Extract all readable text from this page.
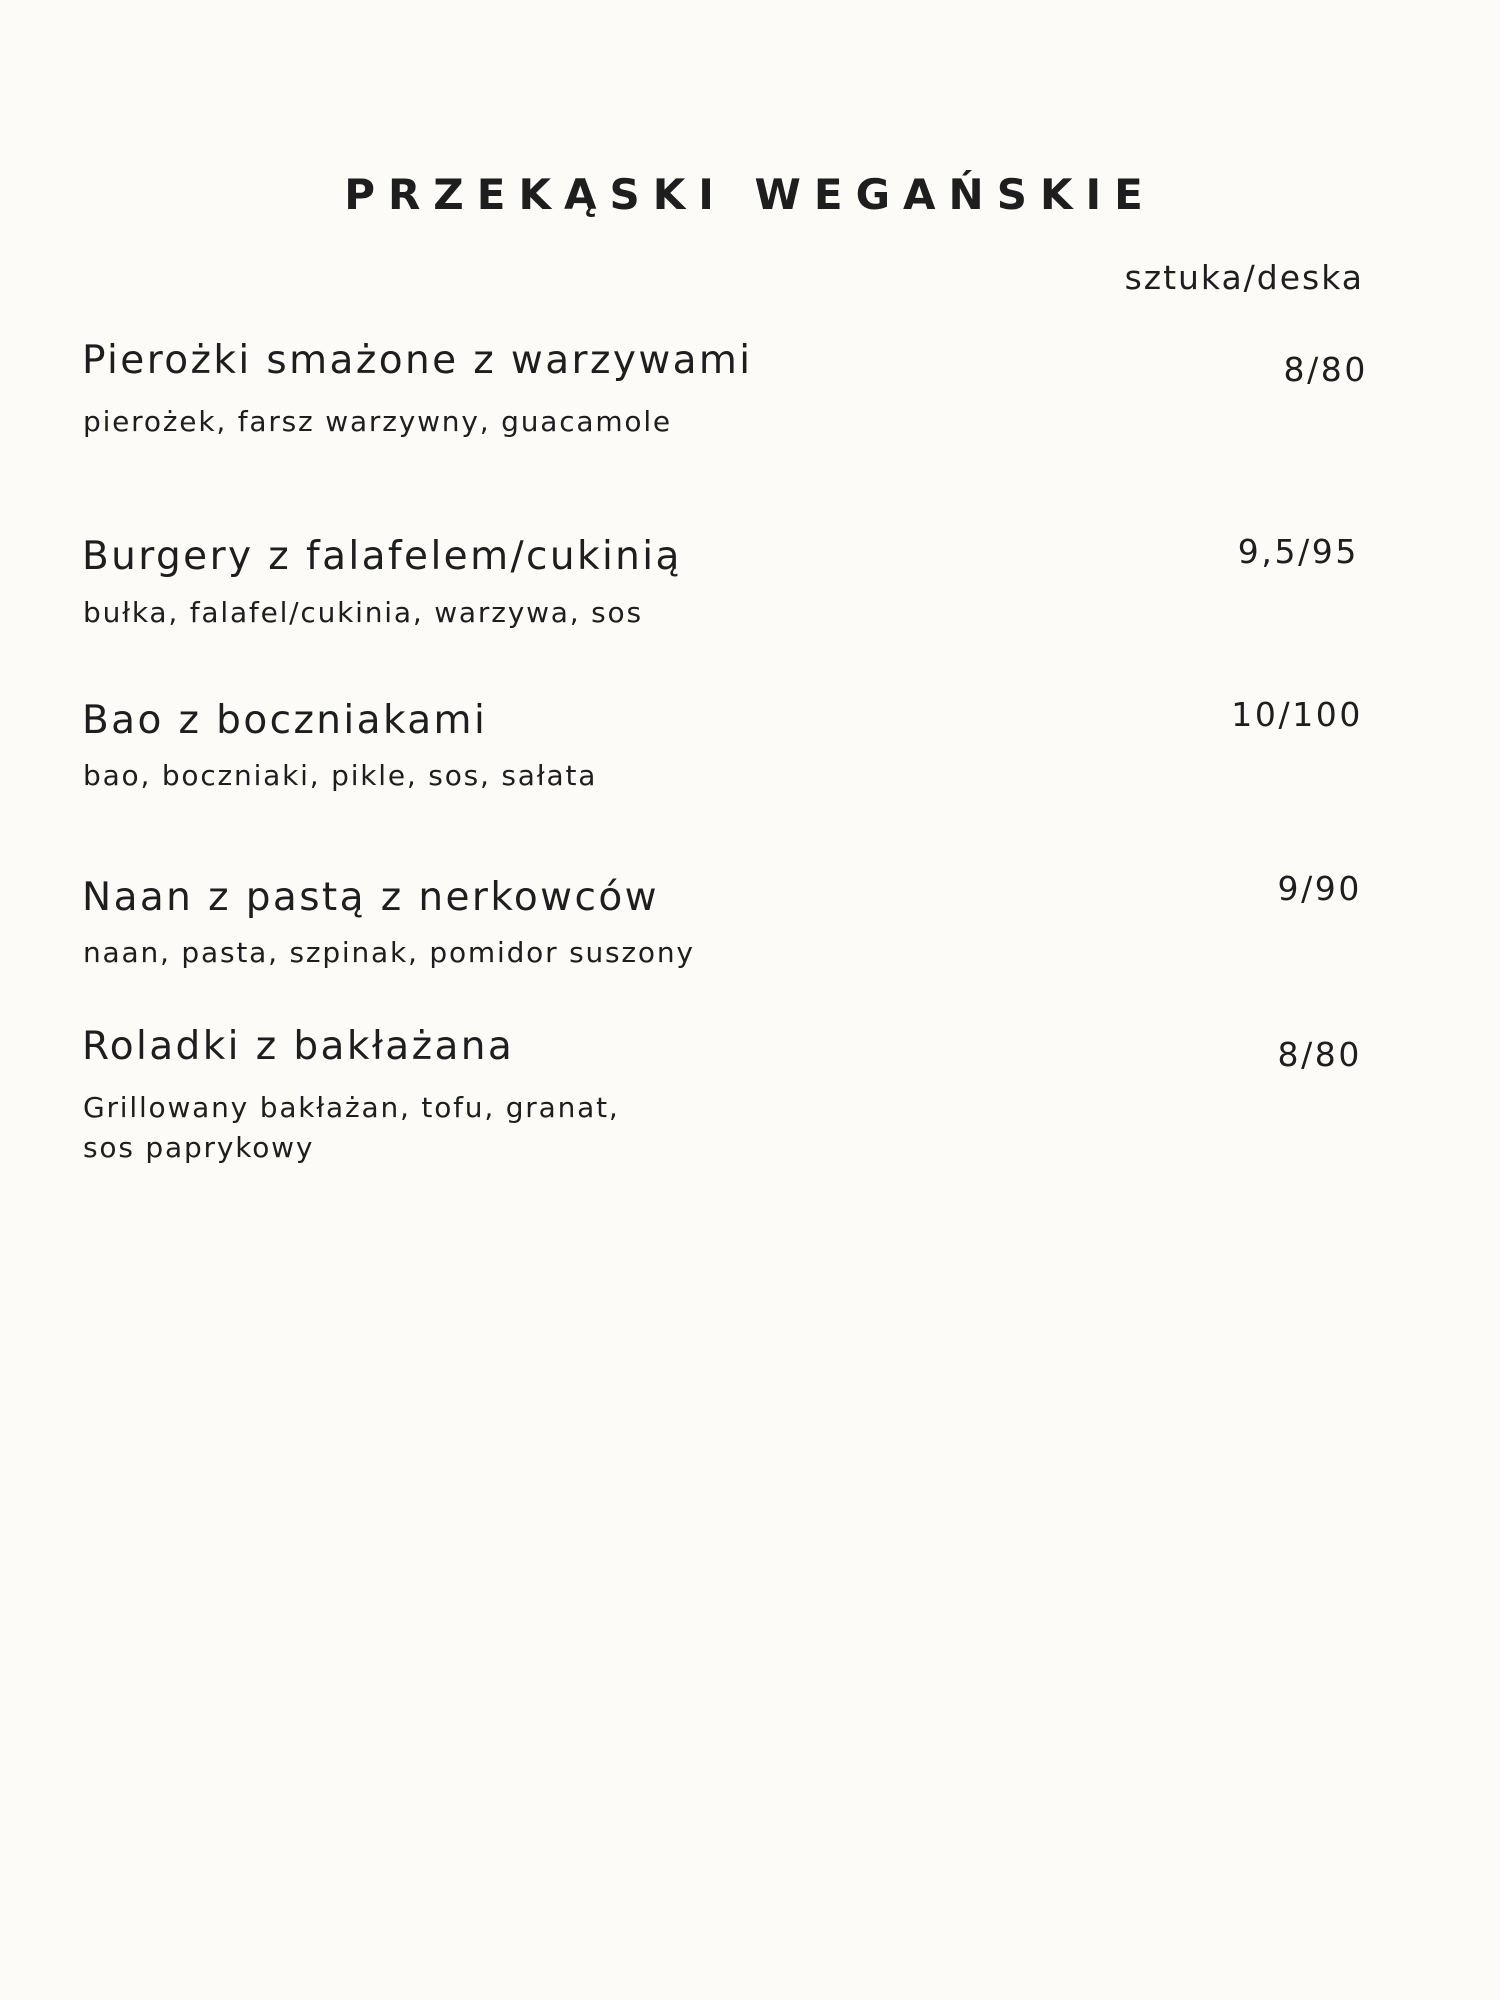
PRZEKĄSKI WEGAŃSKIE
sztuka/deska
Pierożki smażone z warzywami
pierożek, farsz warzywny, guacamole
8/80
Burgery z falafelem/cukinią
bułka, falafel/cukinia, warzywa, sos
9,5/95
Bao z boczniakami
bao, boczniaki, pikle, sos, sałata
10/100
Naan z pastą z nerkowców
naan, pasta, szpinak, pomidor suszony
9/90
Roladki z bakłażana
Grillowany bakłażan, tofu, granat,
sos paprykowy
8/80
